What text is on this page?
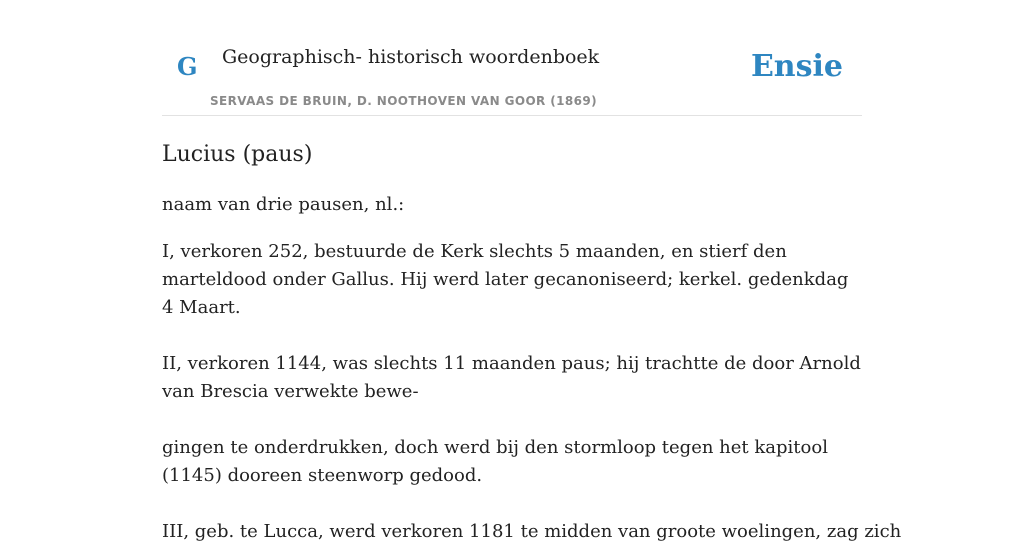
G Geographisch- historisch woordenboek
SERVAAS DE BRUIN, D. NOOTHOVEN VAN GOOR (1869)
Ensie
Lucius (paus)

naam van drie pausen, nl.:

I, verkoren 252, bestuurde de Kerk slechts 5 maanden, en stierf den marteldood onder Gallus. Hij werd later gecanoniseerd; kerkel. gedenkdag 4 Maart.

II, verkoren 1144, was slechts 11 maanden paus; hij trachtte de door Arnold van Brescia verwekte bewe-

gingen te onderdrukken, doch werd bij den stormloop tegen het kapitool (1145) dooreen steenworp gedood.

III, geb. te Lucca, werd verkoren 1181 te midden van groote woelingen, zag zich
